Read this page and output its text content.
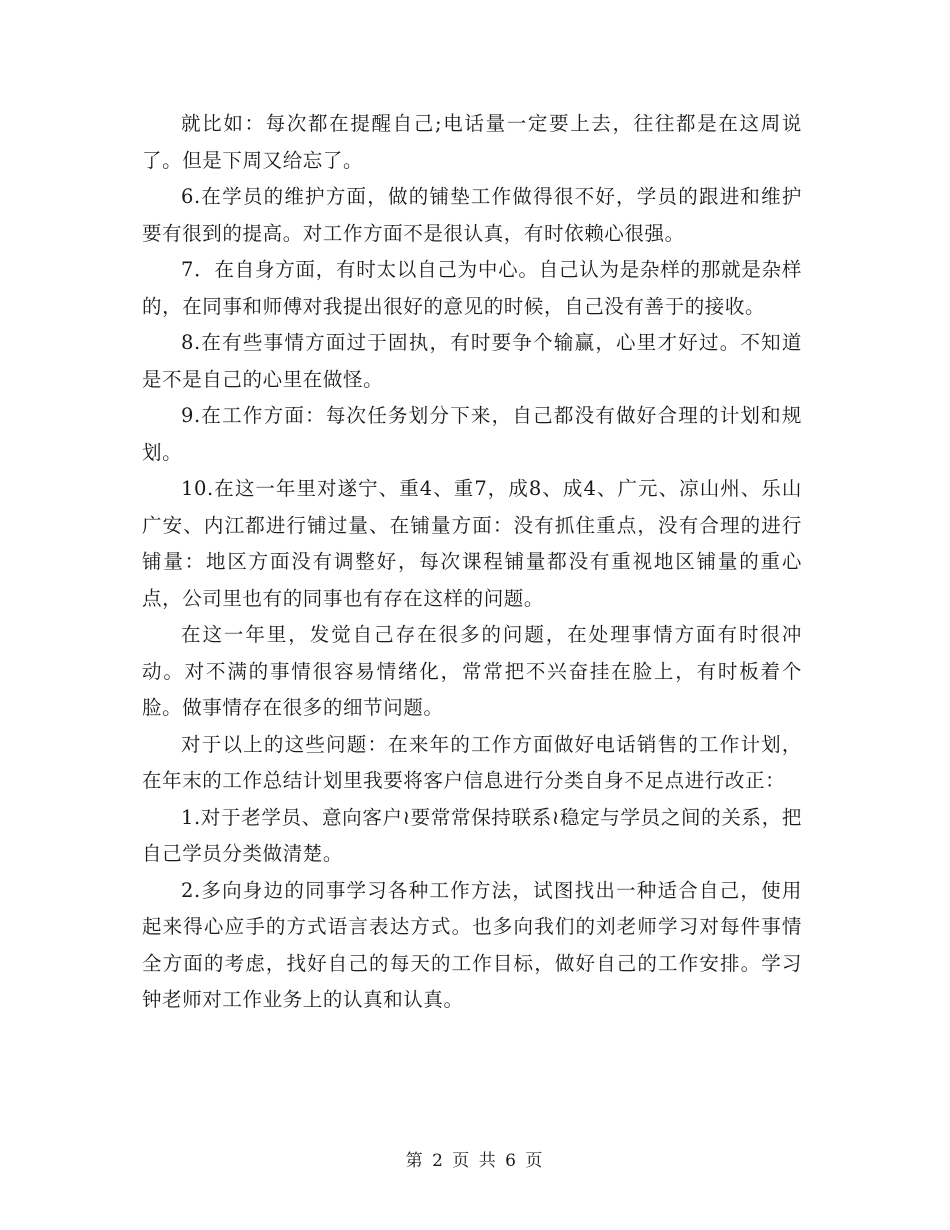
就比如：每次都在提醒自己;电话量一定要上去，往往都是在这周说了。但是下周又给忘了。

6.在学员的维护方面，做的铺垫工作做得很不好，学员的跟进和维护要有很到的提高。对工作方面不是很认真，有时依赖心很强。

7．在自身方面，有时太以自己为中心。自己认为是杂样的那就是杂样的，在同事和师傅对我提出很好的意见的时候，自己没有善于的接收。

8.在有些事情方面过于固执，有时要争个输赢，心里才好过。不知道是不是自己的心里在做怪。

9.在工作方面：每次任务划分下来，自己都没有做好合理的计划和规划。

10.在这一年里对遂宁、重4、重7，成8、成4、广元、凉山州、乐山广安、内江都进行铺过量、在铺量方面：没有抓住重点，没有合理的进行铺量：地区方面没有调整好，每次课程铺量都没有重视地区铺量的重心点，公司里也有的同事也有存在这样的问题。

在这一年里，发觉自己存在很多的问题，在处理事情方面有时很冲动。对不满的事情很容易情绪化，常常把不兴奋挂在脸上，有时板着个脸。做事情存在很多的细节问题。

对于以上的这些问题：在来年的工作方面做好电话销售的工作计划，在年末的工作总结计划里我要将客户信息进行分类自身不足点进行改正：

1.对于老学员、意向客户≀要常常保持联系≀稳定与学员之间的关系，把自己学员分类做清楚。

2.多向身边的同事学习各种工作方法，试图找出一种适合自己，使用起来得心应手的方式语言表达方式。也多向我们的刘老师学习对每件事情全方面的考虑，找好自己的每天的工作目标，做好自己的工作安排。学习钟老师对工作业务上的认真和认真。

第 2 页 共 6 页
